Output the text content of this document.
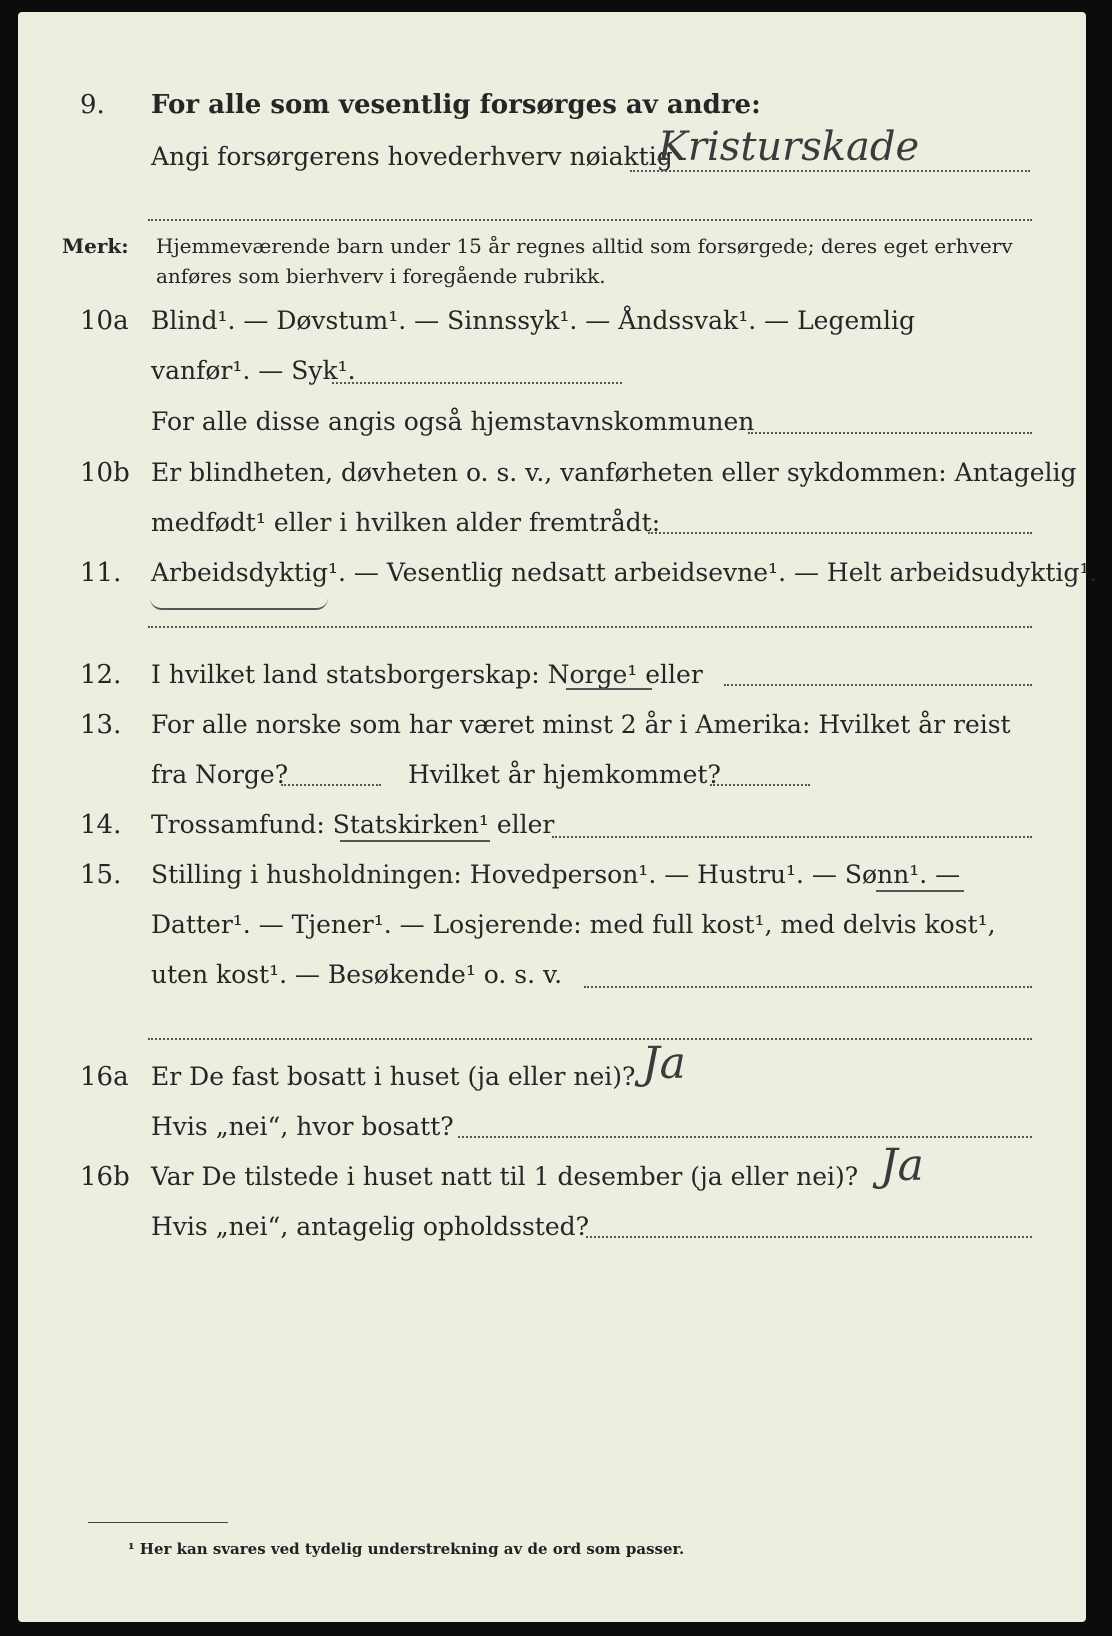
9. For alle som vesentlig forsørges av andre:
Angi forsørgerens hovederhverv nøiaktig
Kristurskade
Merk:	Hjemmeværende barn under 15 år regnes alltid som forsørgede; deres eget erhverv
anføres som bierhverv i foregående rubrikk.
10a Blind¹. — Døvstum¹. — Sinnssyk¹. — Åndssvak¹. — Legemlig
vanfør¹. — Syk¹.
For alle disse angis også hjemstavnskommunen
10b Er blindheten, døvheten o. s. v., vanførheten eller sykdommen: Antagelig
medfødt¹ eller i hvilken alder fremtrådt:
11. Arbeidsdyktig¹. — Vesentlig nedsatt arbeidsevne¹. — Helt arbeidsudyktig¹.
12. I hvilket land statsborgerskap: Norge¹ eller
13. For alle norske som har været minst 2 år i Amerika: Hvilket år reist
fra Norge?	Hvilket år hjemkommet?
14. Trossamfund: Statskirken¹ eller
15. Stilling i husholdningen: Hovedperson¹. — Hustru¹. — Sønn¹. —
Datter¹. — Tjener¹. — Losjerende: med full kost¹, med delvis kost¹,
uten kost¹. — Besøkende¹ o. s. v.
16a Er De fast bosatt i huset (ja eller nei)? Ja
Hvis „nei“, hvor bosatt?
16b Var De tilstede i huset natt til 1 desember (ja eller nei)? Ja
Hvis „nei“, antagelig opholdssted?
¹ Her kan svares ved tydelig understrekning av de ord som passer.
